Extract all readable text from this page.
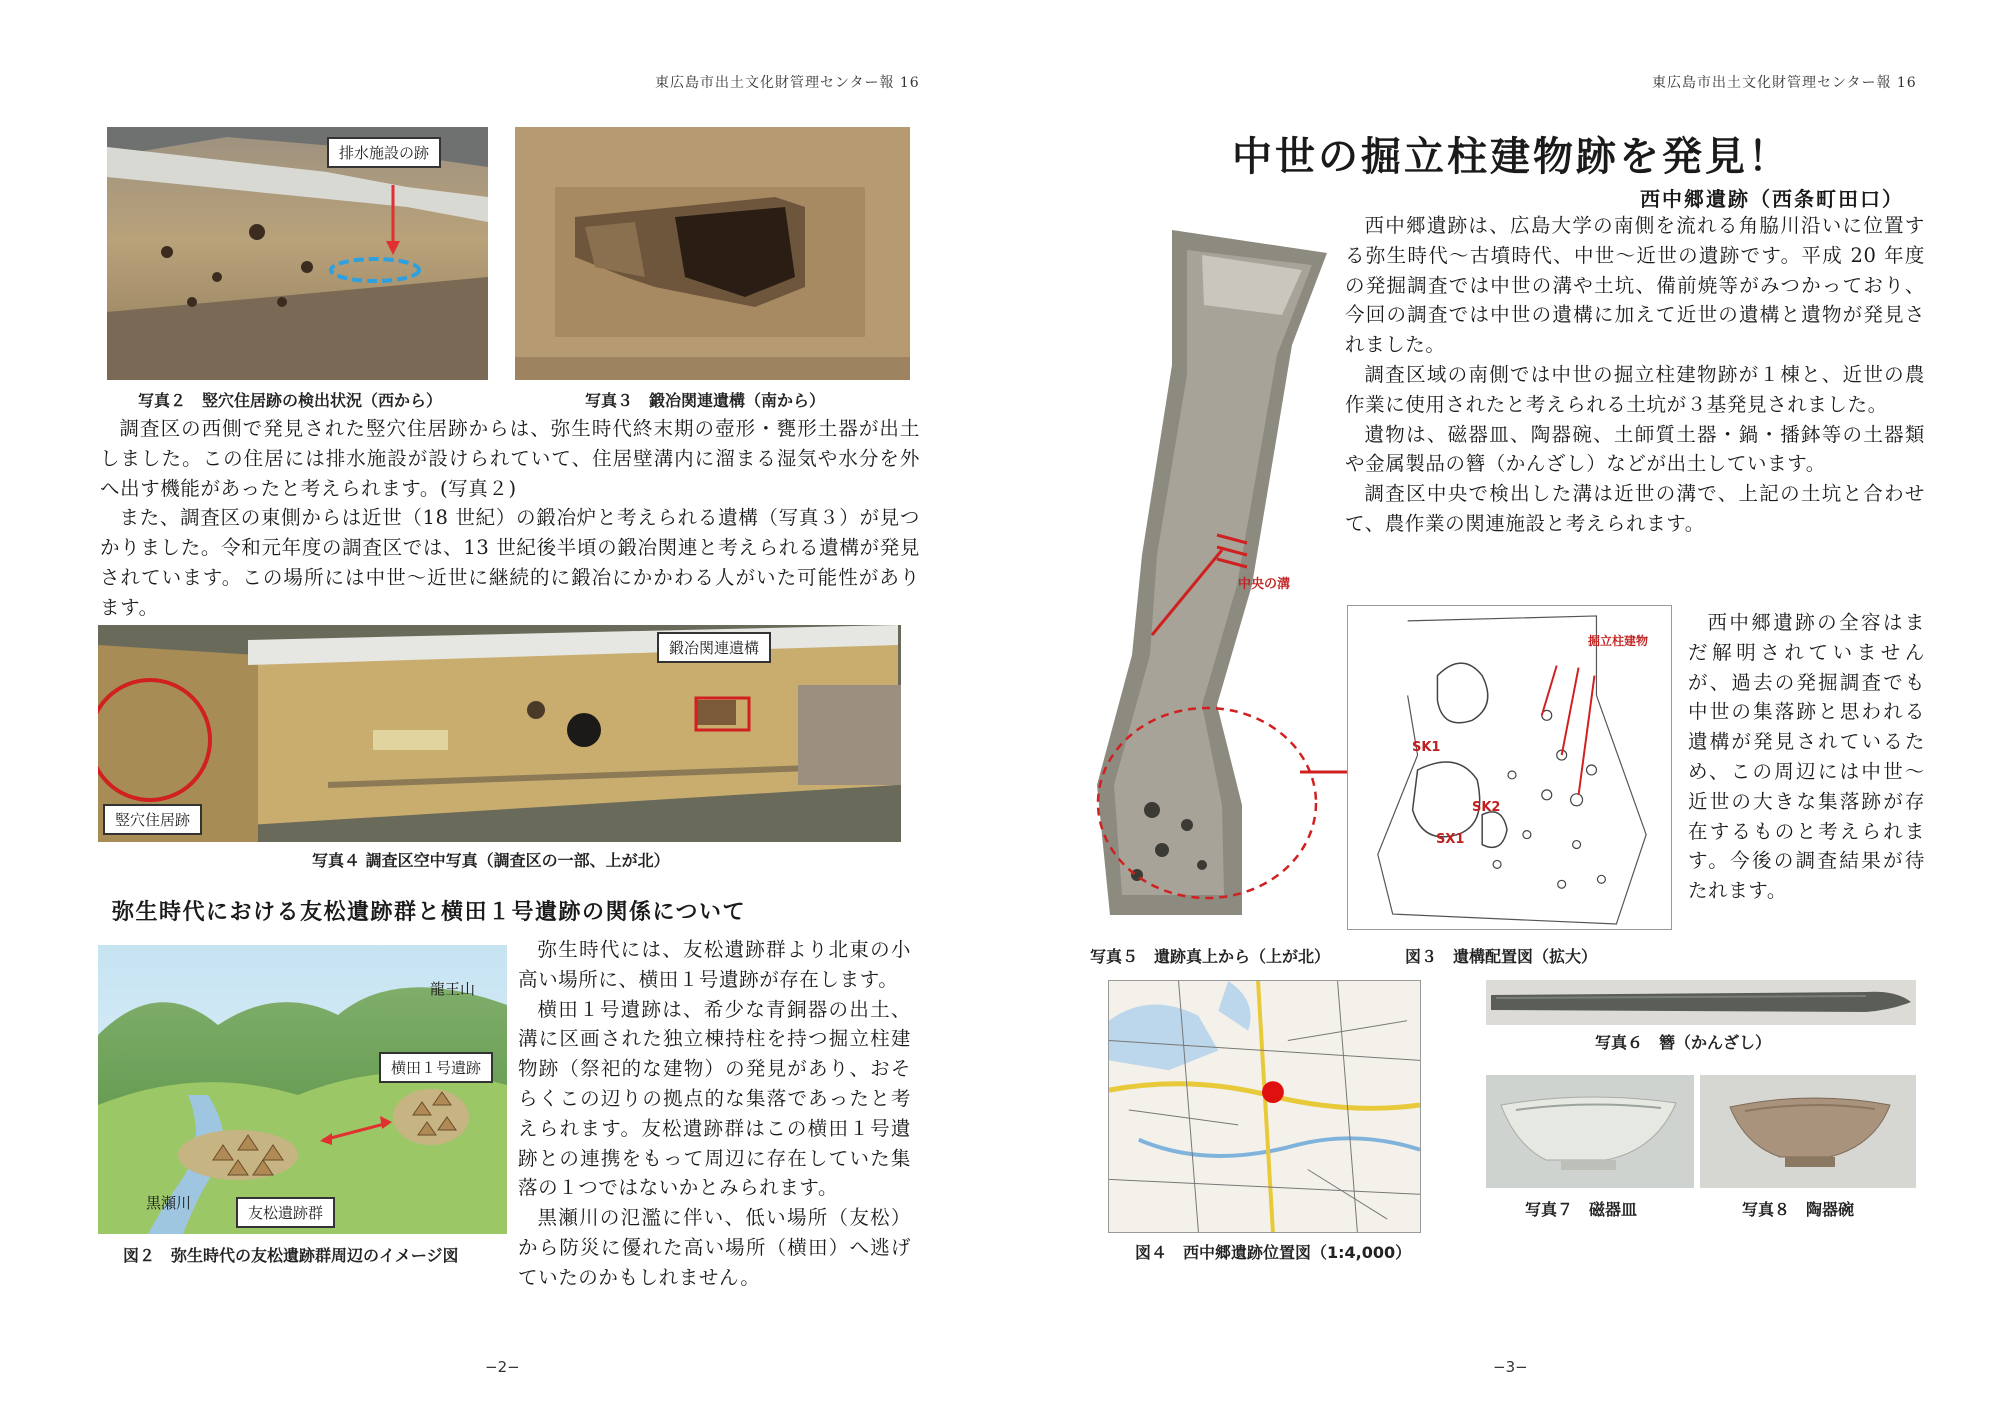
東広島市出土文化財管理センター報 16
排水施設の跡
写真２　竪穴住居跡の検出状況（西から）	写真３　鍛冶関連遺構（南から）

調査区の西側で発見された竪穴住居跡からは、弥生時代終末期の壺形・甕形土器が出土しました。この住居には排水施設が設けられていて、住居壁溝内に溜まる湿気や水分を外へ出す機能があったと考えられます。(写真２)

また、調査区の東側からは近世（18 世紀）の鍛冶炉と考えられる遺構（写真３）が見つかりました。令和元年度の調査区では、13 世紀後半頃の鍛冶関連と考えられる遺構が発見されています。この場所には中世～近世に継続的に鍛冶にかかわる人がいた可能性があります。

鍛冶関連遺構
竪穴住居跡
写真４ 調査区空中写真（調査区の一部、上が北）
弥生時代における友松遺跡群と横田１号遺跡の関係について
龍王山
横田１号遺跡
黒瀬川
友松遺跡群
図２　弥生時代の友松遺跡群周辺のイメージ図

弥生時代には、友松遺跡群より北東の小高い場所に、横田１号遺跡が存在します。

横田１号遺跡は、希少な青銅器の出土、溝に区画された独立棟持柱を持つ掘立柱建物跡（祭祀的な建物）の発見があり、おそらくこの辺りの拠点的な集落であったと考えられます。友松遺跡群はこの横田１号遺跡との連携をもって周辺に存在していた集落の１つではないかとみられます。

黒瀬川の氾濫に伴い、低い場所（友松）から防災に優れた高い場所（横田）へ逃げていたのかもしれません。

−2−
東広島市出土文化財管理センター報 16
中世の掘立柱建物跡を発見！
西中郷遺跡（西条町田口）

西中郷遺跡は、広島大学の南側を流れる角脇川沿いに位置する弥生時代～古墳時代、中世～近世の遺跡です。平成 20 年度の発掘調査では中世の溝や土坑、備前焼等がみつかっており、今回の調査では中世の遺構に加えて近世の遺構と遺物が発見されました。

調査区域の南側では中世の掘立柱建物跡が１棟と、近世の農作業に使用されたと考えられる土坑が３基発見されました。

遺物は、磁器皿、陶器碗、土師質土器・鍋・播鉢等の土器類や金属製品の簪（かんざし）などが出土しています。

調査区中央で検出した溝は近世の溝で、上記の土坑と合わせて、農作業の関連施設と考えられます。

中央の溝
掘立柱建物
SK1
SK2
SX1

西中郷遺跡の全容はまだ解明されていませんが、過去の発掘調査でも中世の集落跡と思われる遺構が発見されているため、この周辺には中世～近世の大きな集落跡が存在するものと考えられます。今後の調査結果が待たれます。

写真５　遺跡真上から（上が北）	図３　遺構配置図（拡大）
図４　西中郷遺跡位置図（1:4,000）
写真６　簪（かんざし）
写真７　磁器皿	写真８　陶器碗
−3−
